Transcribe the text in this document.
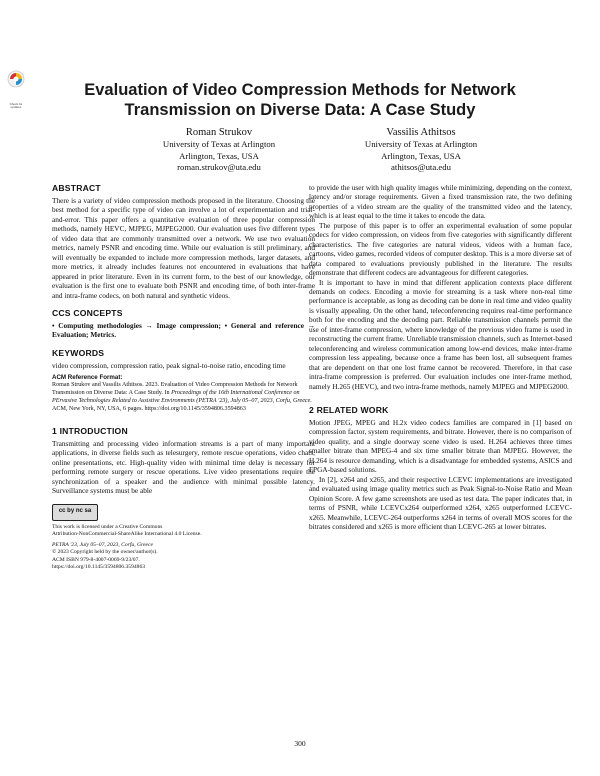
Check for updates
Evaluation of Video Compression Methods for Network Transmission on Diverse Data: A Case Study
Roman Strukov
University of Texas at Arlington
Arlington, Texas, USA
roman.strukov@uta.edu
Vassilis Athitsos
University of Texas at Arlington
Arlington, Texas, USA
athitsos@uta.edu
ABSTRACT

There is a variety of video compression methods proposed in the literature. Choosing the best method for a specific type of video can involve a lot of experimentation and trial-and-error. This paper offers a quantitative evaluation of three popular compression methods, namely HEVC, MJPEG, MJPEG2000. Our evaluation uses five different types of video data that are commonly transmitted over a network. We use two evaluation metrics, namely PSNR and encoding time. While our evaluation is still preliminary, and will eventually be expanded to include more compression methods, larger datasets, and more metrics, it already includes features not encountered in evaluations that have appeared in prior literature. Even in its current form, to the best of our knowledge, our evaluation is the first one to evaluate both PSNR and encoding time, of both inter-frame and intra-frame codecs, on both natural and synthetic videos.

CCS CONCEPTS

• Computing methodologies → Image compression; • General and reference → Evaluation; Metrics.

KEYWORDS

video compression, compression ratio, peak signal-to-noise ratio, encoding time

ACM Reference Format:
Roman Strukov and Vassilis Athitsos. 2023. Evaluation of Video Compression Methods for Network Transmission on Diverse Data: A Case Study. In Proceedings of the 16th International Conference on PErvasive Technologies Related to Assistive Environments (PETRA '23), July 05–07, 2023, Corfu, Greece. ACM, New York, NY, USA, 6 pages. https://doi.org/10.1145/3594806.3594863
1 INTRODUCTION

Transmitting and processing video information streams is a part of many important applications, in diverse fields such as telesurgery, remote rescue operations, video chats, online presentations, etc. High-quality video with minimal time delay is necessary for performing remote surgery or rescue operations. Live video presentations require the synchronization of a speaker and the audience with minimal possible latency. Surveillance systems must be able

cc by nc sa
This work is licensed under a Creative Commons
Attribution-NonCommercial-ShareAlike International 4.0 License.
PETRA '23, July 05–07, 2023, Corfu, Greece
© 2023 Copyright held by the owner/author(s).
ACM ISBN 979-8-4007-0069-9/23/07.
https://doi.org/10.1145/3594806.3594863

to provide the user with high quality images while minimizing, depending on the context, latency and/or storage requirements. Given a fixed transmission rate, the two defining properties of a video stream are the quality of the transmitted video and the latency, which is at least equal to the time it takes to encode the data.

The purpose of this paper is to offer an experimental evaluation of some popular codecs for video compression, on videos from five categories with significantly different characteristics. The five categories are natural videos, videos with a human face, cartoons, video games, recorded videos of computer desktop. This is a more diverse set of data compared to evaluations previously published in the literature. The results demonstrate that different codecs are advantageous for different categories.

It is important to have in mind that different application contexts place different demands on codecs. Encoding a movie for streaming is a task where non-real time performance is acceptable, as long as decoding can be done in real time and video quality is visually appealing. On the other hand, teleconferencing requires real-time performance both for the encoding and the decoding part. Reliable transmission channels permit the use of inter-frame compression, where knowledge of the previous video frame is used in reconstructing the current frame. Unreliable transmission channels, such as Internet-based teleconferencing and wireless communication among low-end devices, make inter-frame compression less appealing, because once a frame has been lost, all subsequent frames that are dependent on that one lost frame cannot be recovered. Therefore, in that case intra-frame compression is preferred. Our evaluation includes one inter-frame method, namely H.265 (HEVC), and two intra-frame methods, namely MJPEG and MJPEG2000.

2 RELATED WORK

Motion JPEG, MPEG and H.2x video codecs families are compared in [1] based on compression factor, system requirements, and bitrate. However, there is no comparison of video quality, and a single doorway scene video is used. H.264 achieves three times smaller bitrate than MPEG-4 and six time smaller bitrate than MJPEG. However, the H.264 is resource demanding, which is a disadvantage for embedded systems, ASICS and FPGA-based solutions.

In [2], x264 and x265, and their respective LCEVC implementations are investigated and evaluated using image quality metrics such as Peak Signal-to-Noise Ratio and Mean Opinion Score. A few game screenshots are used as test data. The paper indicates that, in terms of PSNR, while LCEVCx264 outperformed x264, x265 outperformed LCEVC-x265. Meanwhile, LCEVC-264 outperforms x264 in terms of overall MOS scores for the bitrates considered and x265 is more efficient than LCEVC-265 at lower bitrates.

300
